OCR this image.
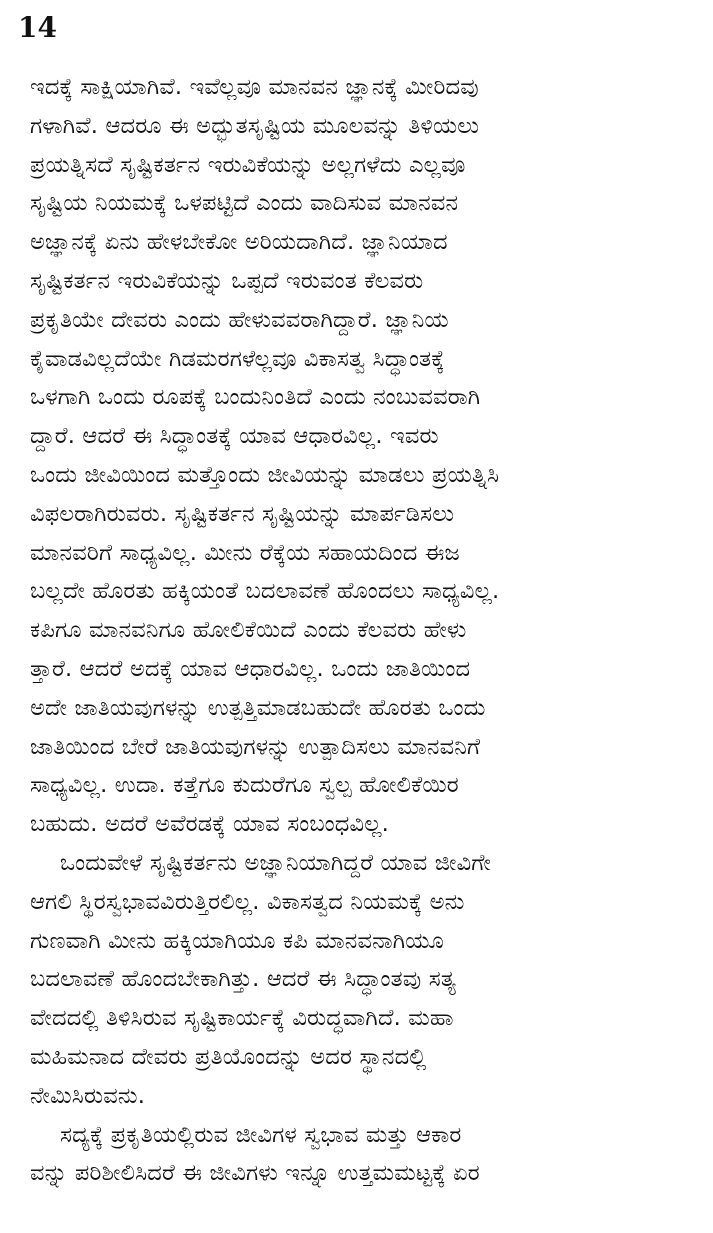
14
ಇದಕ್ಕೆ ಸಾಕ್ಷಿಯಾಗಿವೆ. ಇವೆಲ್ಲವೂ ಮಾನವನ ಜ್ಞಾನಕ್ಕೆ ಮೀರಿದವು
ಗಳಾಗಿವೆ. ಆದರೂ ಈ ಅದ್ಭುತಸೃಷ್ಟಿಯ ಮೂಲವನ್ನು ತಿಳಿಯಲು
ಪ್ರಯತ್ನಿಸದೆ ಸೃಷ್ಟಿಕರ್ತನ ಇರುವಿಕೆಯನ್ನು ಅಲ್ಲಗಳೆದು ಎಲ್ಲವೂ
ಸೃಷ್ಟಿಯ ನಿಯಮಕ್ಕೆ ಒಳಪಟ್ಟಿದೆ ಎಂದು ವಾದಿಸುವ ಮಾನವನ
ಅಜ್ಞಾನಕ್ಕೆ ಏನು ಹೇಳಬೇಕೋ ಅರಿಯದಾಗಿದೆ. ಜ್ಞಾನಿಯಾದ
ಸೃಷ್ಟಿಕರ್ತನ ಇರುವಿಕೆಯನ್ನು ಒಪ್ಪದೆ ಇರುವಂತ ಕೆಲವರು
ಪ್ರಕೃತಿಯೇ ದೇವರು ಎಂದು ಹೇಳುವವರಾಗಿದ್ದಾರೆ. ಜ್ಞಾನಿಯ
ಕೈವಾಡವಿಲ್ಲದೆಯೇ ಗಿಡಮರಗಳೆಲ್ಲವೂ ವಿಕಾಸತ್ವ ಸಿದ್ಧಾಂತಕ್ಕೆ
ಒಳಗಾಗಿ ಒಂದು ರೂಪಕ್ಕೆ ಬಂದುನಿಂತಿದೆ ಎಂದು ನಂಬುವವರಾಗಿ
ದ್ದಾರೆ. ಆದರೆ ಈ ಸಿದ್ಧಾಂತಕ್ಕೆ ಯಾವ ಆಧಾರವಿಲ್ಲ. ಇವರು
ಒಂದು ಜೀವಿಯಿಂದ ಮತ್ತೊಂದು ಜೀವಿಯನ್ನು ಮಾಡಲು ಪ್ರಯತ್ನಿಸಿ
ವಿಫಲರಾಗಿರುವರು. ಸೃಷ್ಟಿಕರ್ತನ ಸೃಷ್ಟಿಯನ್ನು ಮಾರ್ಪಡಿಸಲು
ಮಾನವರಿಗೆ ಸಾಧ್ಯವಿಲ್ಲ. ಮೀನು ರೆಕ್ಕೆಯ ಸಹಾಯದಿಂದ ಈಜ
ಬಲ್ಲದೇ ಹೊರತು ಹಕ್ಕಿಯಂತೆ ಬದಲಾವಣೆ ಹೊಂದಲು ಸಾಧ್ಯವಿಲ್ಲ.
ಕಪಿಗೂ ಮಾನವನಿಗೂ ಹೋಲಿಕೆಯಿದೆ ಎಂದು ಕೆಲವರು ಹೇಳು
ತ್ತಾರೆ. ಆದರೆ ಅದಕ್ಕೆ ಯಾವ ಆಧಾರವಿಲ್ಲ. ಒಂದು ಜಾತಿಯಿಂದ
ಅದೇ ಜಾತಿಯವುಗಳನ್ನು ಉತ್ಪತ್ತಿಮಾಡಬಹುದೇ ಹೊರತು ಒಂದು
ಜಾತಿಯಿಂದ ಬೇರೆ ಜಾತಿಯವುಗಳನ್ನು ಉತ್ಪಾದಿಸಲು ಮಾನವನಿಗೆ
ಸಾಧ್ಯವಿಲ್ಲ. ಉದಾ. ಕತ್ತೆಗೂ ಕುದುರೆಗೂ ಸ್ವಲ್ಪ ಹೋಲಿಕೆಯಿರ
ಬಹುದು. ಅದರೆ ಅವೆರಡಕ್ಕೆ ಯಾವ ಸಂಬಂಧವಿಲ್ಲ.
ಒಂದುವೇಳೆ ಸೃಷ್ಟಿಕರ್ತನು ಅಜ್ಞಾನಿಯಾಗಿದ್ದರೆ ಯಾವ ಜೀವಿಗೇ
ಆಗಲಿ ಸ್ಥಿರಸ್ವಭಾವವಿರುತ್ತಿರಲಿಲ್ಲ. ವಿಕಾಸತ್ವದ ನಿಯಮಕ್ಕೆ ಅನು
ಗುಣವಾಗಿ ಮೀನು ಹಕ್ಕಿಯಾಗಿಯೂ ಕಪಿ ಮಾನವನಾಗಿಯೂ
ಬದಲಾವಣೆ ಹೊಂದಬೇಕಾಗಿತ್ತು. ಆದರೆ ಈ ಸಿದ್ಧಾಂತವು ಸತ್ಯ
ವೇದದಲ್ಲಿ ತಿಳಿಸಿರುವ ಸೃಷ್ಟಿಕಾರ್ಯಕ್ಕೆ ವಿರುದ್ಧವಾಗಿದೆ. ಮಹಾ
ಮಹಿಮನಾದ ದೇವರು ಪ್ರತಿಯೊಂದನ್ನು ಅದರ ಸ್ಥಾನದಲ್ಲಿ
ನೇಮಿಸಿರುವನು.
ಸದ್ಯಕ್ಕೆ ಪ್ರಕೃತಿಯಲ್ಲಿರುವ ಜೀವಿಗಳ ಸ್ವಭಾವ ಮತ್ತು ಆಕಾರ
ವನ್ನು ಪರಿಶೀಲಿಸಿದರೆ ಈ ಜೀವಿಗಳು ಇನ್ನೂ ಉತ್ತಮಮಟ್ಟಕ್ಕೆ ಏರ
